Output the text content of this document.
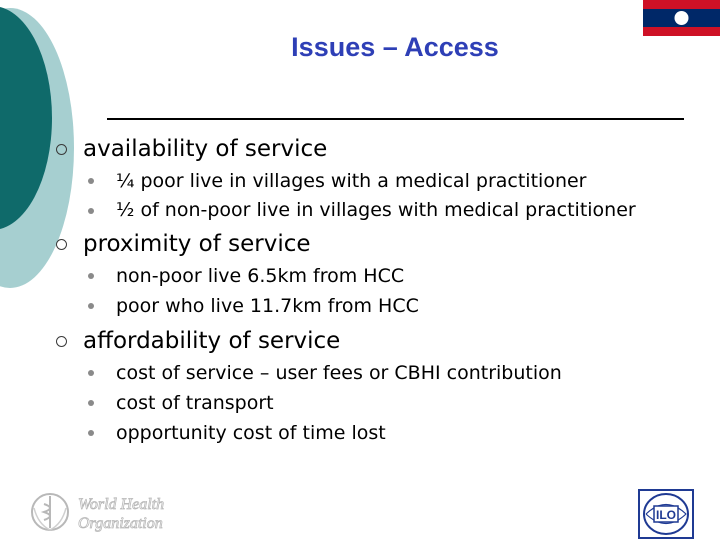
Issues – Access
availability of service
¼ poor live in villages with a medical practitioner
½ of non-poor live in villages with medical practitioner
proximity of service
non-poor live 6.5km from HCC
poor who live 11.7km from HCC
affordability of service
cost of service – user fees or CBHI contribution
cost of transport
opportunity cost of time lost
World Health
Organization	ILO
